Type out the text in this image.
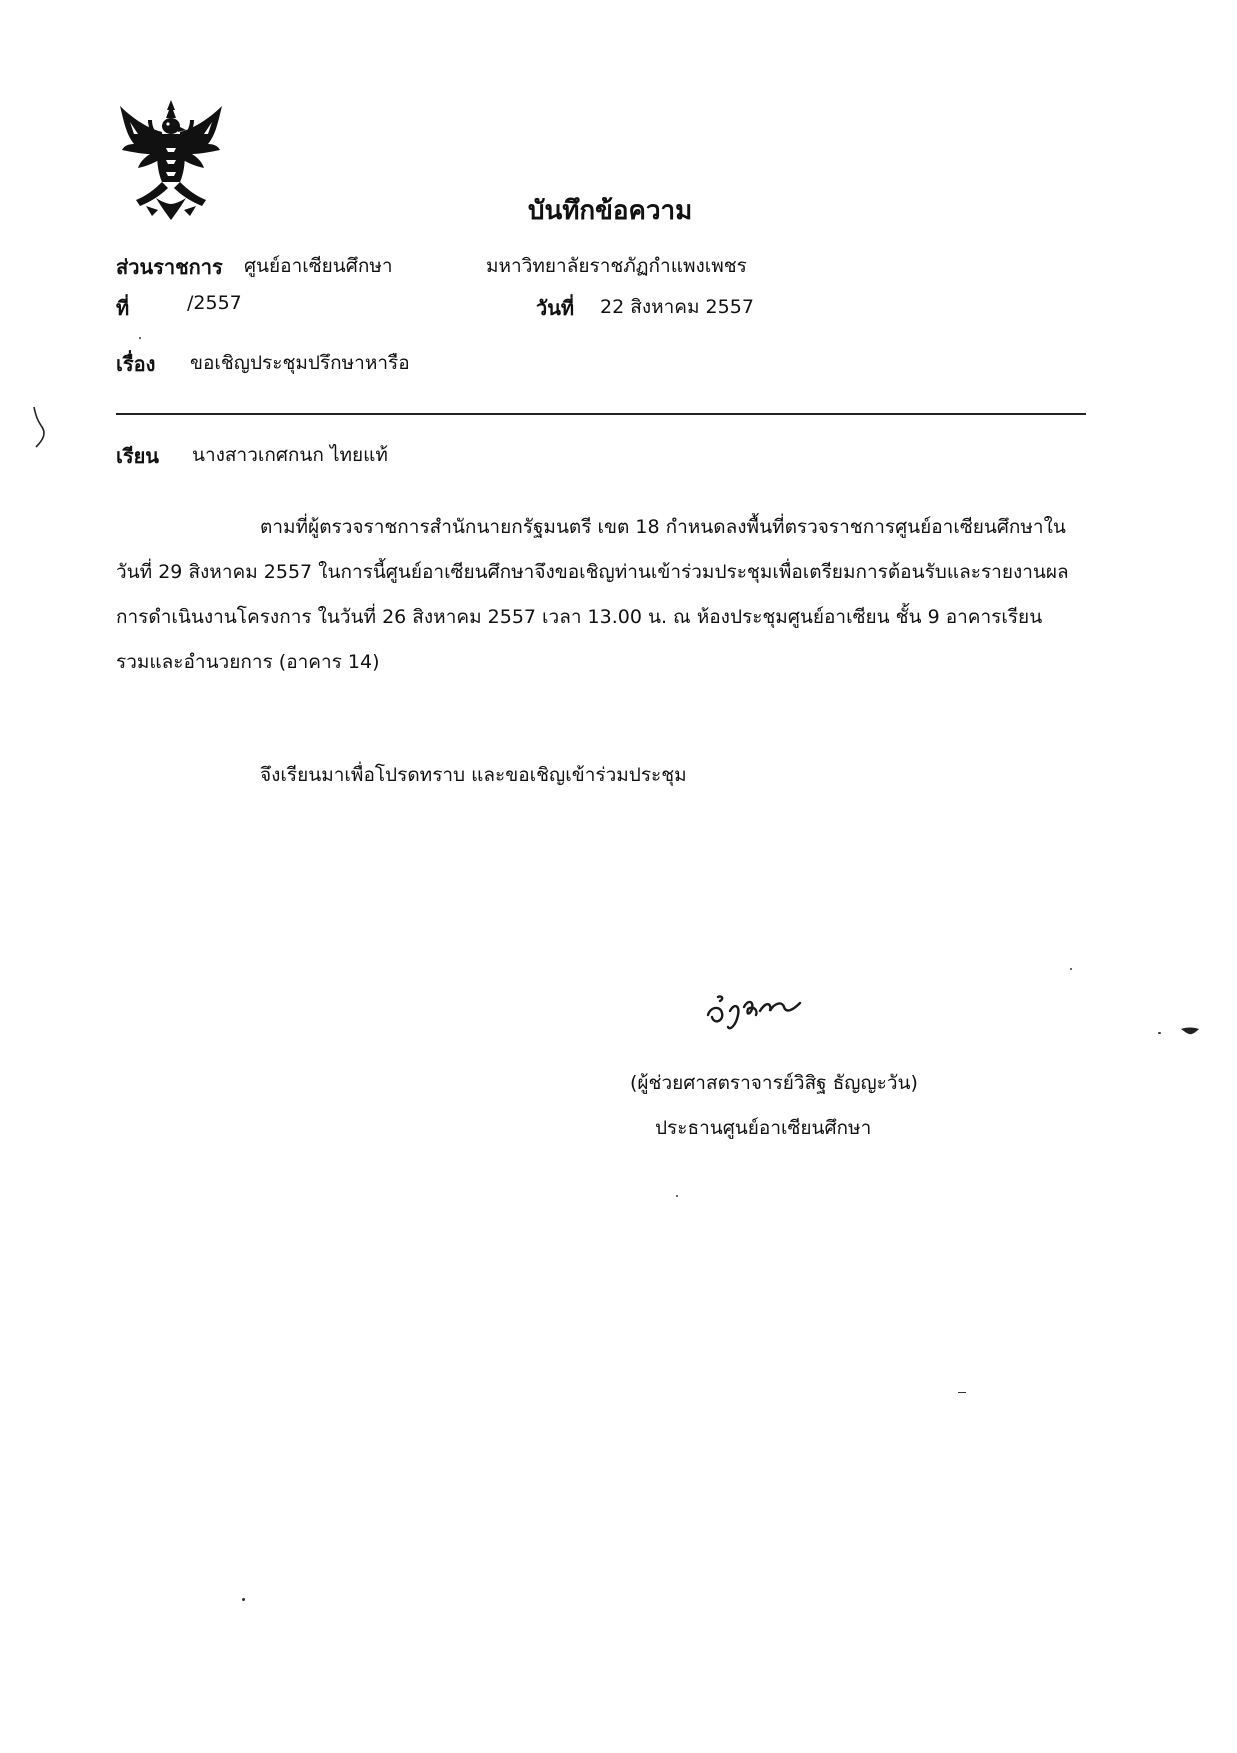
บันทึกข้อความ
ส่วนราชการ ศูนย์อาเซียนศึกษา	มหาวิทยาลัยราชภัฏกำแพงเพชร
ที่	/2557	วันที่ 22 สิงหาคม 2557
เรื่อง ขอเชิญประชุมปรึกษาหารือ
เรียน นางสาวเกศกนก ไทยแท้
ตามที่ผู้ตรวจราชการสำนักนายกรัฐมนตรี เขต 18 กำหนดลงพื้นที่ตรวจราชการศูนย์อาเซียนศึกษาใน
วันที่ 29 สิงหาคม 2557 ในการนี้ศูนย์อาเซียนศึกษาจึงขอเชิญท่านเข้าร่วมประชุมเพื่อเตรียมการต้อนรับและรายงานผล
การดำเนินงานโครงการ ในวันที่ 26 สิงหาคม 2557 เวลา 13.00 น. ณ ห้องประชุมศูนย์อาเซียน ชั้น 9 อาคารเรียน
รวมและอำนวยการ (อาคาร 14)
จึงเรียนมาเพื่อโปรดทราบ และขอเชิญเข้าร่วมประชุม
(ผู้ช่วยศาสตราจารย์วิสิฐ ธัญญะวัน)
ประธานศูนย์อาเซียนศึกษา
